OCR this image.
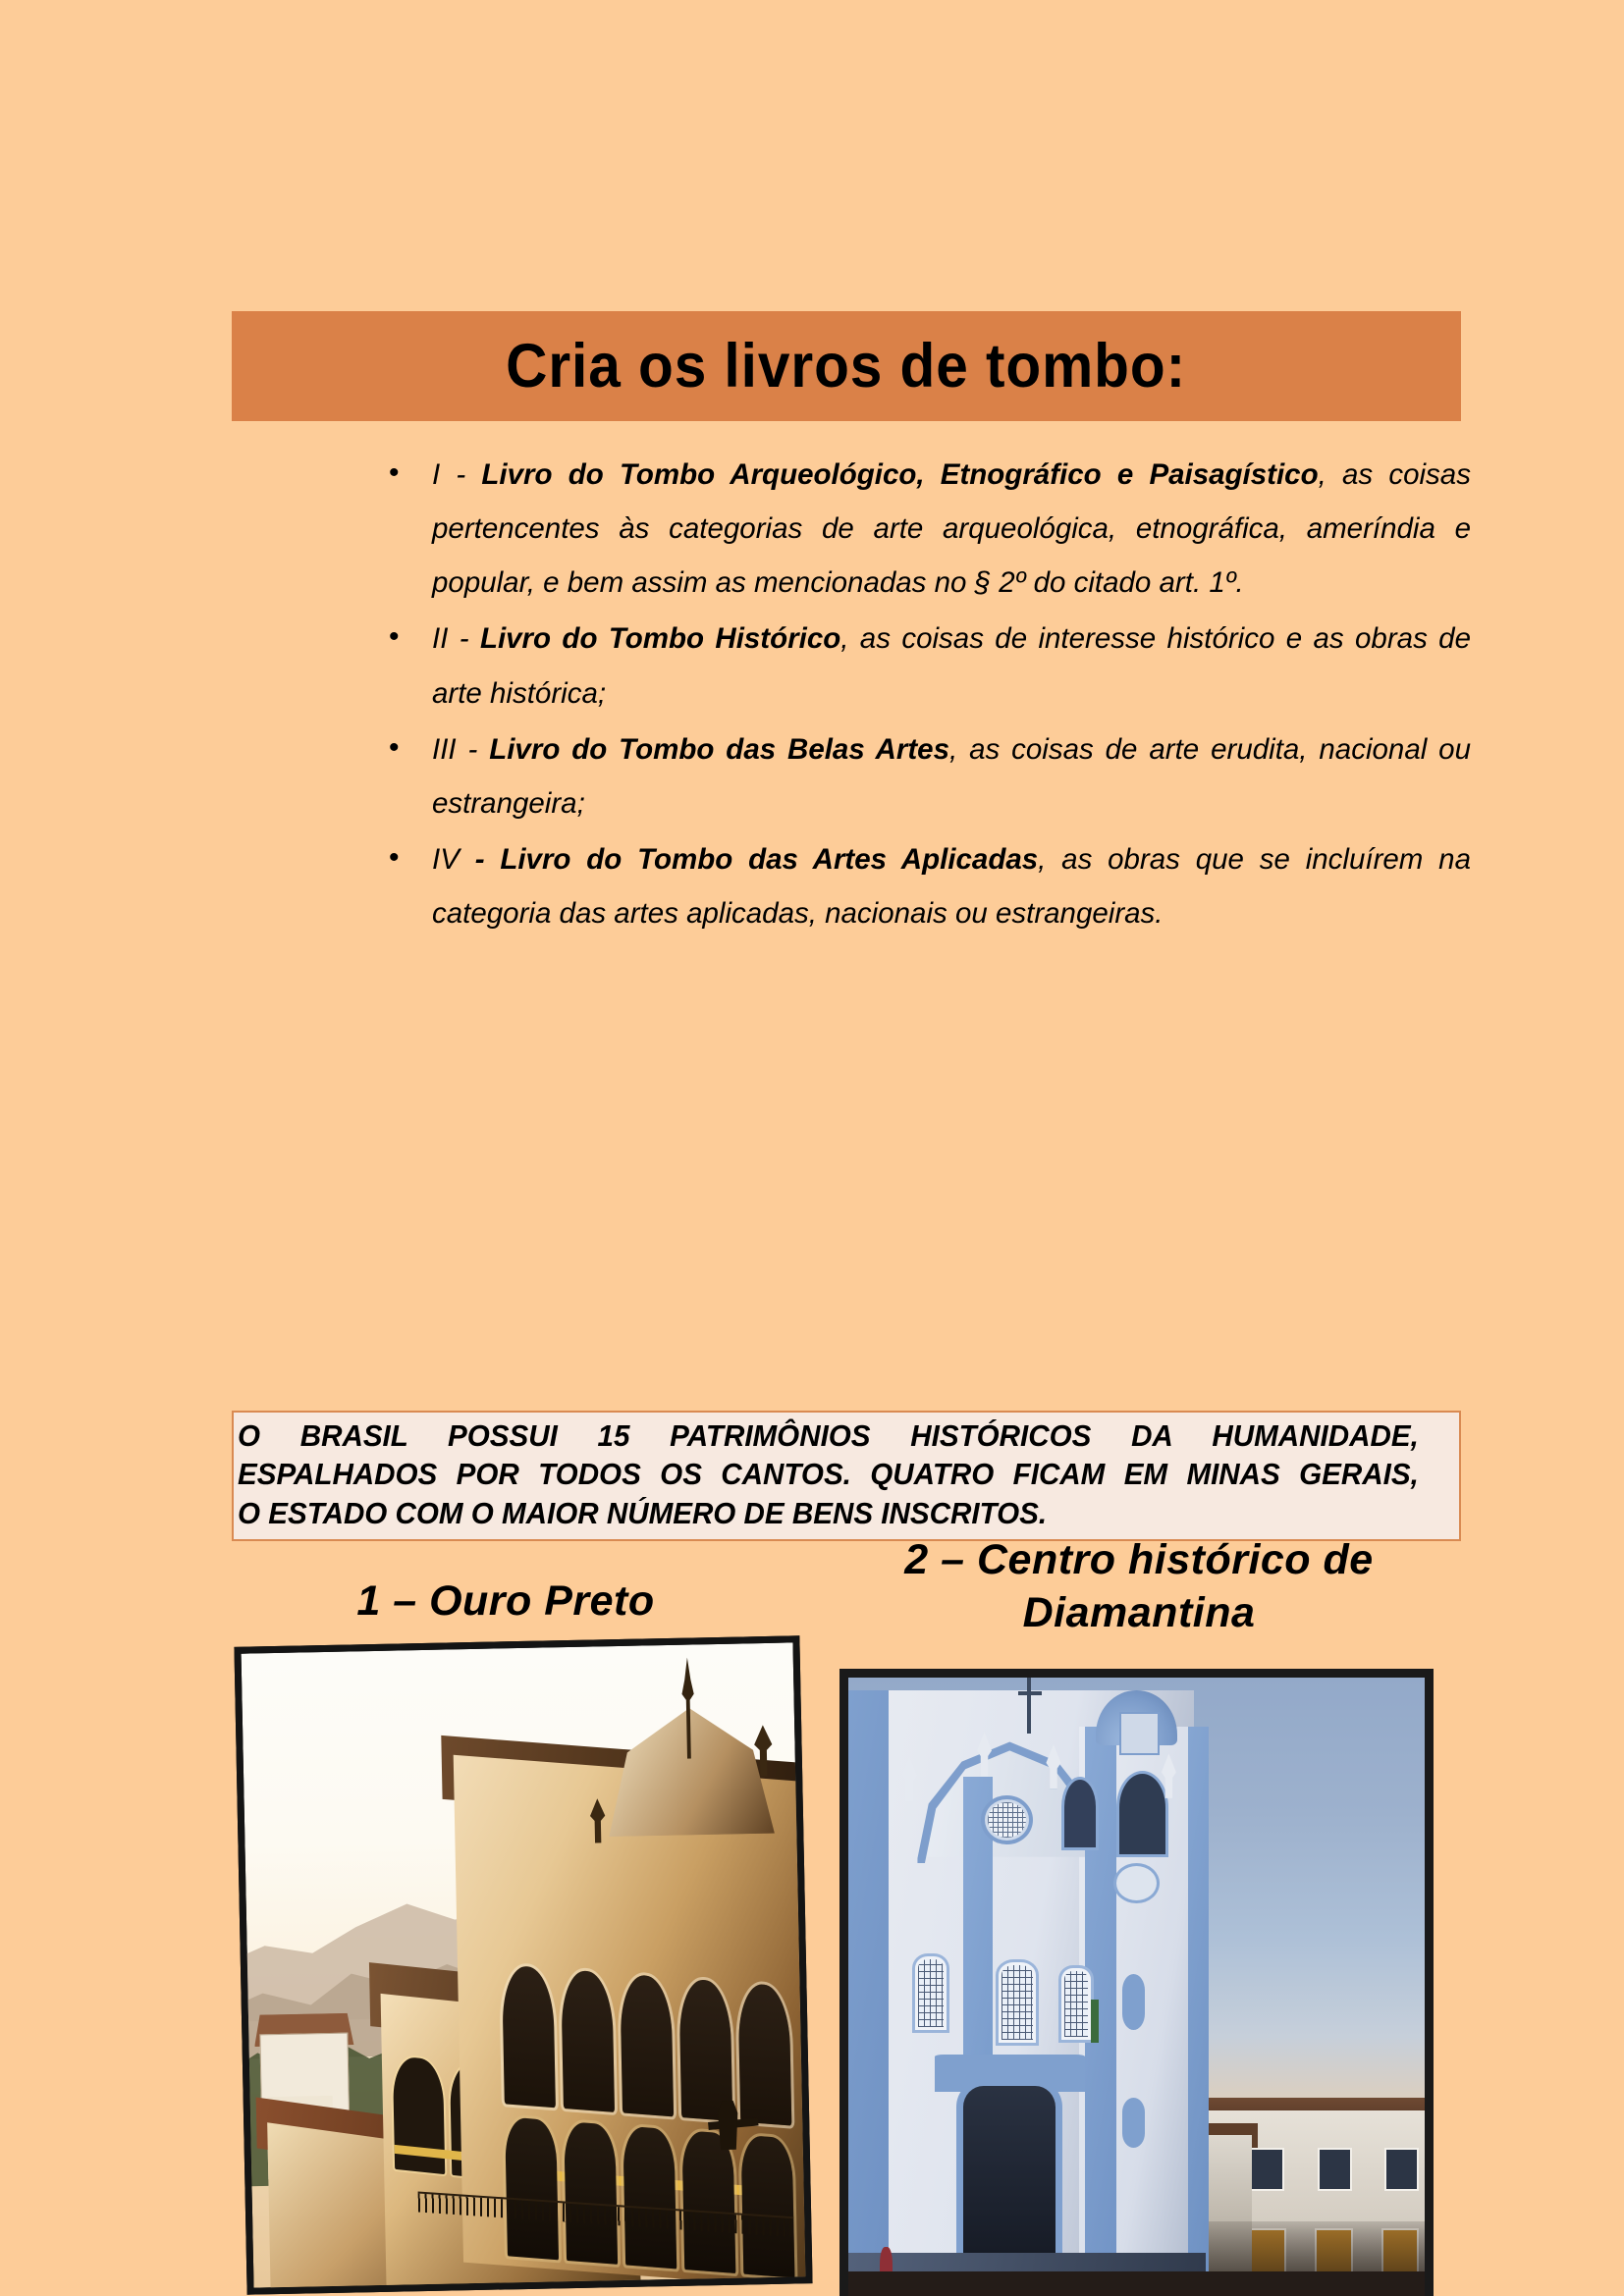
Cria os livros de tombo:
• I - Livro do Tombo Arqueológico, Etnográfico e Paisagístico, as coisas pertencentes às categorias de arte arqueológica, etnográfica, ameríndia e popular, e bem assim as mencionadas no § 2º do citado art. 1º.
• II - Livro do Tombo Histórico, as coisas de interesse histórico e as obras de arte histórica;
• III - Livro do Tombo das Belas Artes, as coisas de arte erudita, nacional ou estrangeira;
• IV - Livro do Tombo das Artes Aplicadas, as obras que se incluírem na categoria das artes aplicadas, nacionais ou estrangeiras.
O BRASIL POSSUI 15 PATRIMÔNIOS HISTÓRICOS DA HUMANIDADE,
ESPALHADOS POR TODOS OS CANTOS. QUATRO FICAM EM MINAS GERAIS,
O ESTADO COM O MAIOR NÚMERO DE BENS INSCRITOS.
1 – Ouro Preto
2 – Centro histórico de
Diamantina
